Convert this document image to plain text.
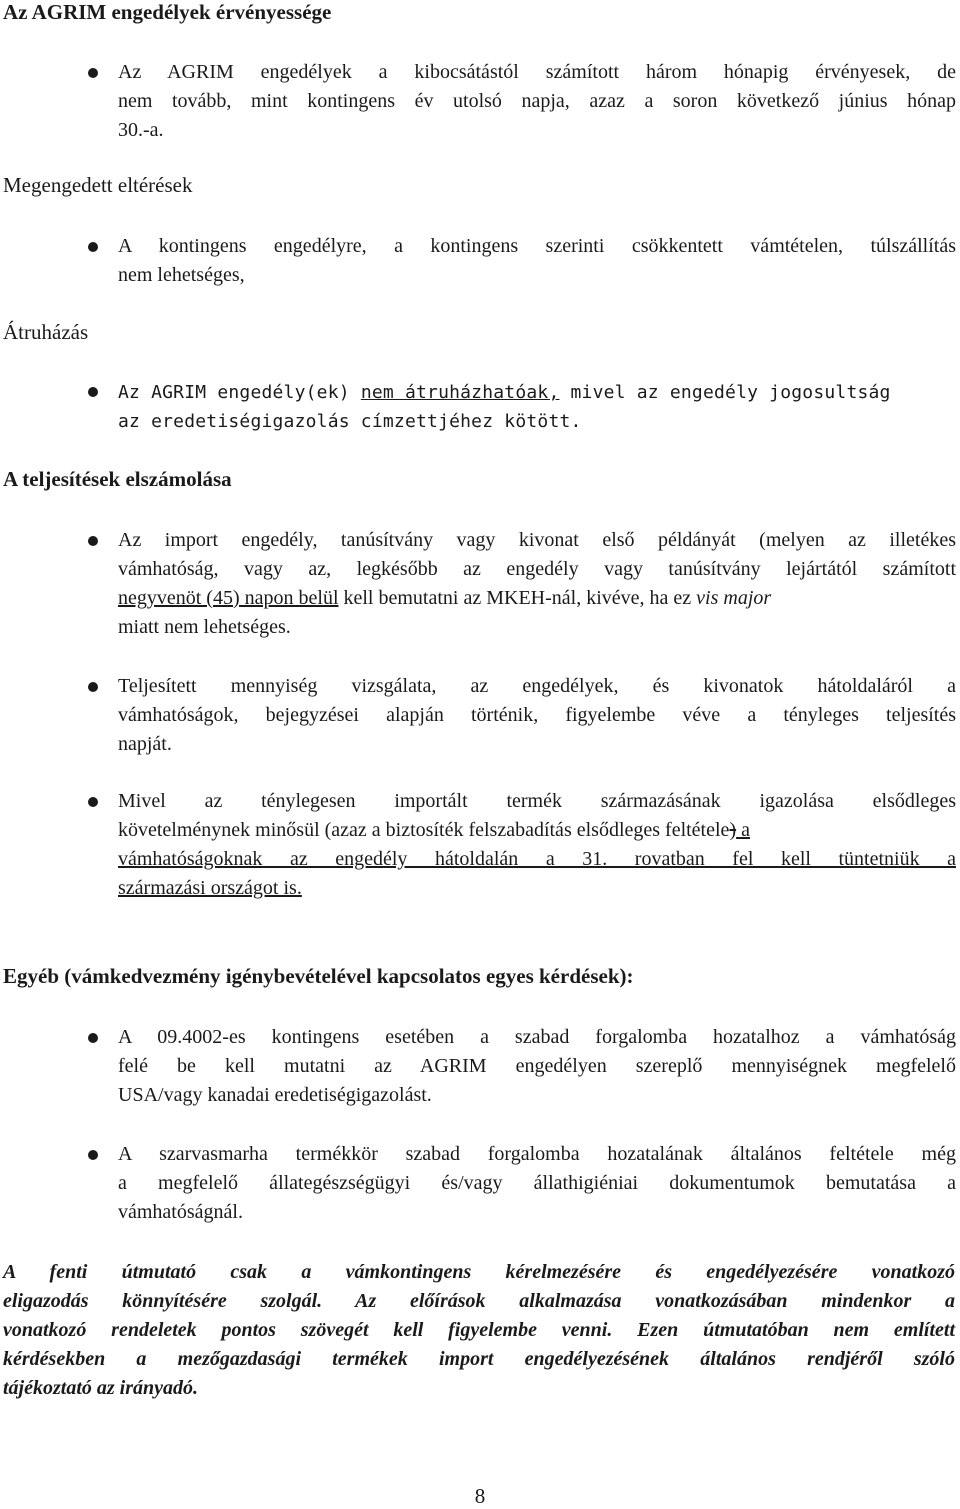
Az AGRIM engedélyek érvényessége
Az AGRIM engedélyek a kibocsátástól számított három hónapig érvényesek, de
nem tovább, mint kontingens év utolsó napja, azaz a soron következő június hónap
30.-a.
Megengedett eltérések
A kontingens engedélyre, a kontingens szerinti csökkentett vámtételen, túlszállítás
nem lehetséges,
Átruházás
Az AGRIM engedély(ek) nem átruházhatóak, mivel az engedély jogosultság
az eredetiségigazolás címzettjéhez kötött.
A teljesítések elszámolása
Az import engedély, tanúsítvány vagy kivonat első példányát (melyen az illetékes
vámhatóság, vagy az, legkésőbb az engedély vagy tanúsítvány lejártától számított
negyvenöt (45) napon belül kell bemutatni az MKEH-nál, kivéve, ha ez vis major
miatt nem lehetséges.
Teljesített mennyiség vizsgálata, az engedélyek, és kivonatok hátoldaláról a
vámhatóságok, bejegyzései alapján történik, figyelembe véve a tényleges teljesítés
napját.
Mivel az ténylegesen importált termék származásának igazolása elsődleges
követelménynek minősül (azaz a biztosíték felszabadítás elsődleges feltétele) a
vámhatóságoknak az engedély hátoldalán a 31. rovatban fel kell tüntetniük a
származási országot is.
Egyéb (vámkedvezmény igénybevételével kapcsolatos egyes kérdések):
A 09.4002-es kontingens esetében a szabad forgalomba hozatalhoz a vámhatóság
felé be kell mutatni az AGRIM engedélyen szereplő mennyiségnek megfelelő
USA/vagy kanadai eredetiségigazolást.
A szarvasmarha termékkör szabad forgalomba hozatalának általános feltétele még
a megfelelő állategészségügyi és/vagy állathigiéniai dokumentumok bemutatása a
vámhatóságnál.
A fenti útmutató csak a vámkontingens kérelmezésére és engedélyezésére vonatkozó
eligazodás könnyítésére szolgál. Az előírások alkalmazása vonatkozásában mindenkor a
vonatkozó rendeletek pontos szövegét kell figyelembe venni. Ezen útmutatóban nem említett
kérdésekben a mezőgazdasági termékek import engedélyezésének általános rendjéről szóló
tájékoztató az irányadó.
8
